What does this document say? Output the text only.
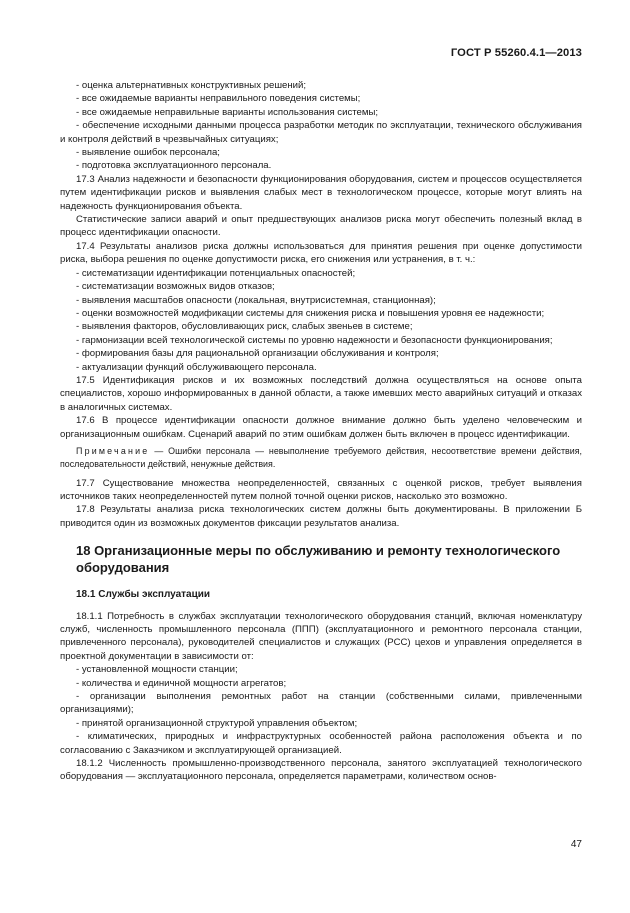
ГОСТ Р 55260.4.1—2013

- оценка альтернативных конструктивных решений;

- все ожидаемые варианты неправильного поведения системы;

- все ожидаемые неправильные варианты использования системы;

- обеспечение исходными данными процесса разработки методик по эксплуатации, технического обслуживания и контроля действий в чрезвычайных ситуациях;

- выявление ошибок персонала;

- подготовка эксплуатационного персонала.

17.3 Анализ надежности и безопасности функционирования оборудования, систем и процессов осуществляется путем идентификации рисков и выявления слабых мест в технологическом процессе, которые могут влиять на надежность функционирования объекта.

Статистические записи аварий и опыт предшествующих анализов риска могут обеспечить полезный вклад в процесс идентификации опасности.

17.4 Результаты анализов риска должны использоваться для принятия решения при оценке допустимости риска, выбора решения по оценке допустимости риска, его снижения или устранения, в т. ч.:

- систематизации идентификации потенциальных опасностей;

- систематизации возможных видов отказов;

- выявления масштабов опасности (локальная, внутрисистемная, станционная);

- оценки возможностей модификации системы для снижения риска и повышения уровня ее надежности;

- выявления факторов, обусловливающих риск, слабых звеньев в системе;

- гармонизации всей технологической системы по уровню надежности и безопасности функционирования;

- формирования базы для рациональной организации обслуживания и контроля;

- актуализации функций обслуживающего персонала.

17.5 Идентификация рисков и их возможных последствий должна осуществляться на основе опыта специалистов, хорошо информированных в данной области, а также имевших место аварийных ситуаций и отказах в аналогичных системах.

17.6 В процессе идентификации опасности должное внимание должно быть уделено человеческим и организационным ошибкам. Сценарий аварий по этим ошибкам должен быть включен в процесс идентификации.

Примечание — Ошибки персонала — невыполнение требуемого действия, несоответствие времени действия, последовательности действий, ненужные действия.

17.7 Существование множества неопределенностей, связанных с оценкой рисков, требует выявления источников таких неопределенностей путем полной точной оценки рисков, насколько это возможно.

17.8 Результаты анализа риска технологических систем должны быть документированы. В приложении Б приводится один из возможных документов фиксации результатов анализа.

18 Организационные меры по обслуживанию и ремонту технологического
оборудования

18.1 Службы эксплуатации

18.1.1 Потребность в службах эксплуатации технологического оборудования станций, включая номенклатуру служб, численность промышленного персонала (ППП) (эксплуатационного и ремонтного персонала станции, привлеченного персонала), руководителей специалистов и служащих (РСС) цехов и управления определяется в проектной документации в зависимости от:

- установленной мощности станции;

- количества и единичной мощности агрегатов;

- организации выполнения ремонтных работ на станции (собственными силами, привлеченными организациями);

- принятой организационной структурой управления объектом;

- климатических, природных и инфраструктурных особенностей района расположения объекта и по согласованию с Заказчиком и эксплуатирующей организацией.

18.1.2 Численность промышленно-производственного персонала, занятого эксплуатацией технологического оборудования — эксплуатационного персонала, определяется параметрами, количеством основ-

47
